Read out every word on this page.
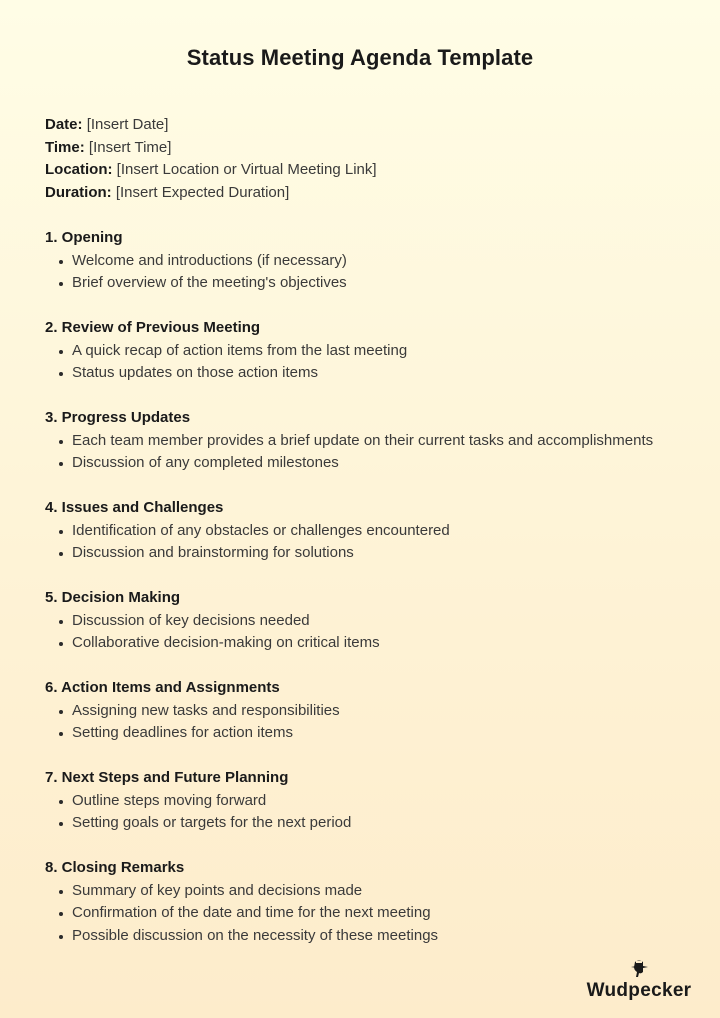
Status Meeting Agenda Template
Date: [Insert Date]
Time: [Insert Time]
Location: [Insert Location or Virtual Meeting Link]
Duration: [Insert Expected Duration]
1. Opening
Welcome and introductions (if necessary)
Brief overview of the meeting's objectives
2. Review of Previous Meeting
A quick recap of action items from the last meeting
Status updates on those action items
3. Progress Updates
Each team member provides a brief update on their current tasks and accomplishments
Discussion of any completed milestones
4. Issues and Challenges
Identification of any obstacles or challenges encountered
Discussion and brainstorming for solutions
5. Decision Making
Discussion of key decisions needed
Collaborative decision-making on critical items
6. Action Items and Assignments
Assigning new tasks and responsibilities
Setting deadlines for action items
7. Next Steps and Future Planning
Outline steps moving forward
Setting goals or targets for the next period
8. Closing Remarks
Summary of key points and decisions made
Confirmation of the date and time for the next meeting
Possible discussion on the necessity of these meetings
Wudpecker
